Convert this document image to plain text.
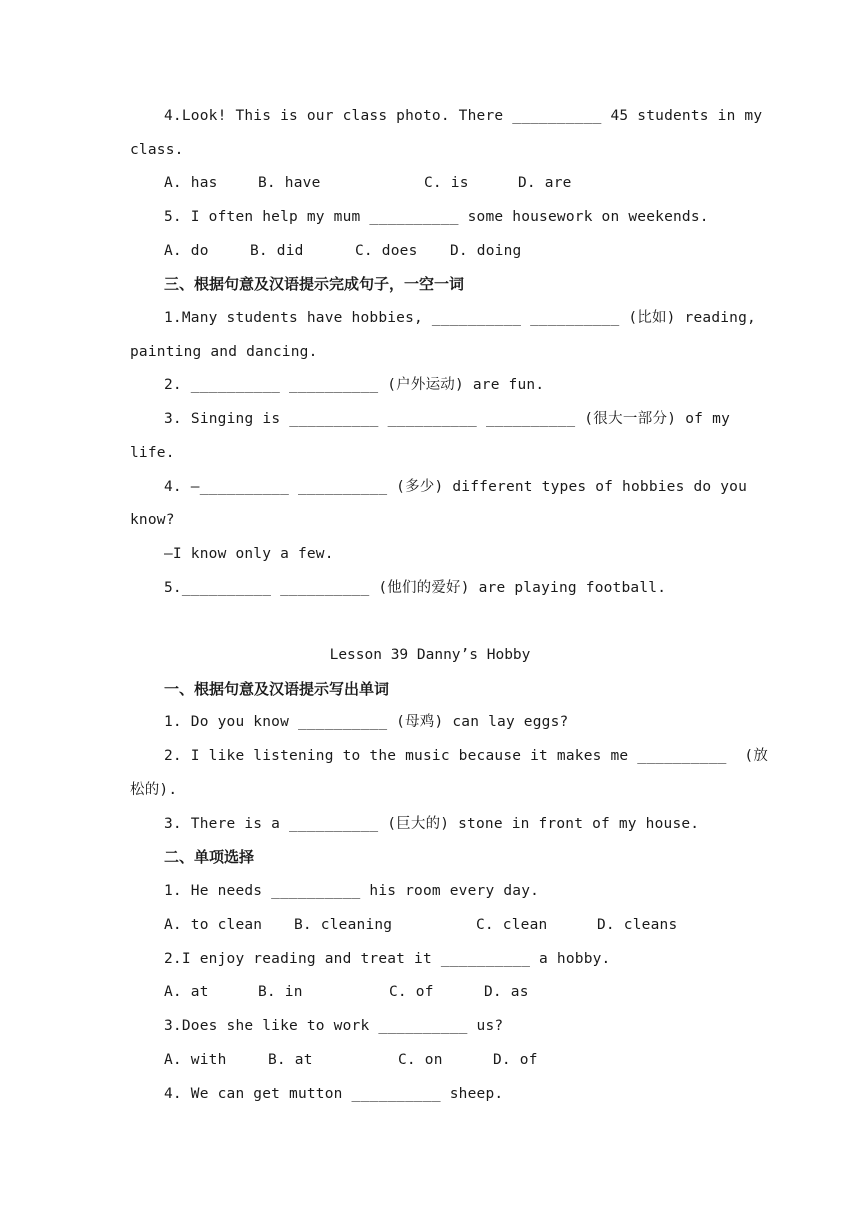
4.Look! This is our class photo. There __________ 45 students in my
class.
A. has	B. have	C. is	D. are
5. I often help my mum __________ some housework on weekends.
A. do	B. did	C. does D. doing
三、根据句意及汉语提示完成句子，一空一词
1.Many students have hobbies, __________ __________ (比如) reading,
painting and dancing.
2. __________ __________ (户外运动) are fun.
3. Singing is __________ __________ __________ (很大一部分) of my
life.
4. —__________ __________ (多少) different types of hobbies do you
know?
—I know only a few.
5.__________ __________ (他们的爱好) are playing football.
Lesson 39 Danny’s Hobby
一、根据句意及汉语提示写出单词
1. Do you know __________ (母鸡) can lay eggs?
2. I like listening to the music because it makes me __________  (放
松的).
3. There is a __________ (巨大的) stone in front of my house.
二、单项选择
1. He needs __________ his room every day.
A. to clean B. cleaning	C. clean	D. cleans
2.I enjoy reading and treat it __________ a hobby.
A. at	B. in	C. of	D. as
3.Does she like to work __________ us?
A. with	B. at	C. on	D. of
4. We can get mutton __________ sheep.
